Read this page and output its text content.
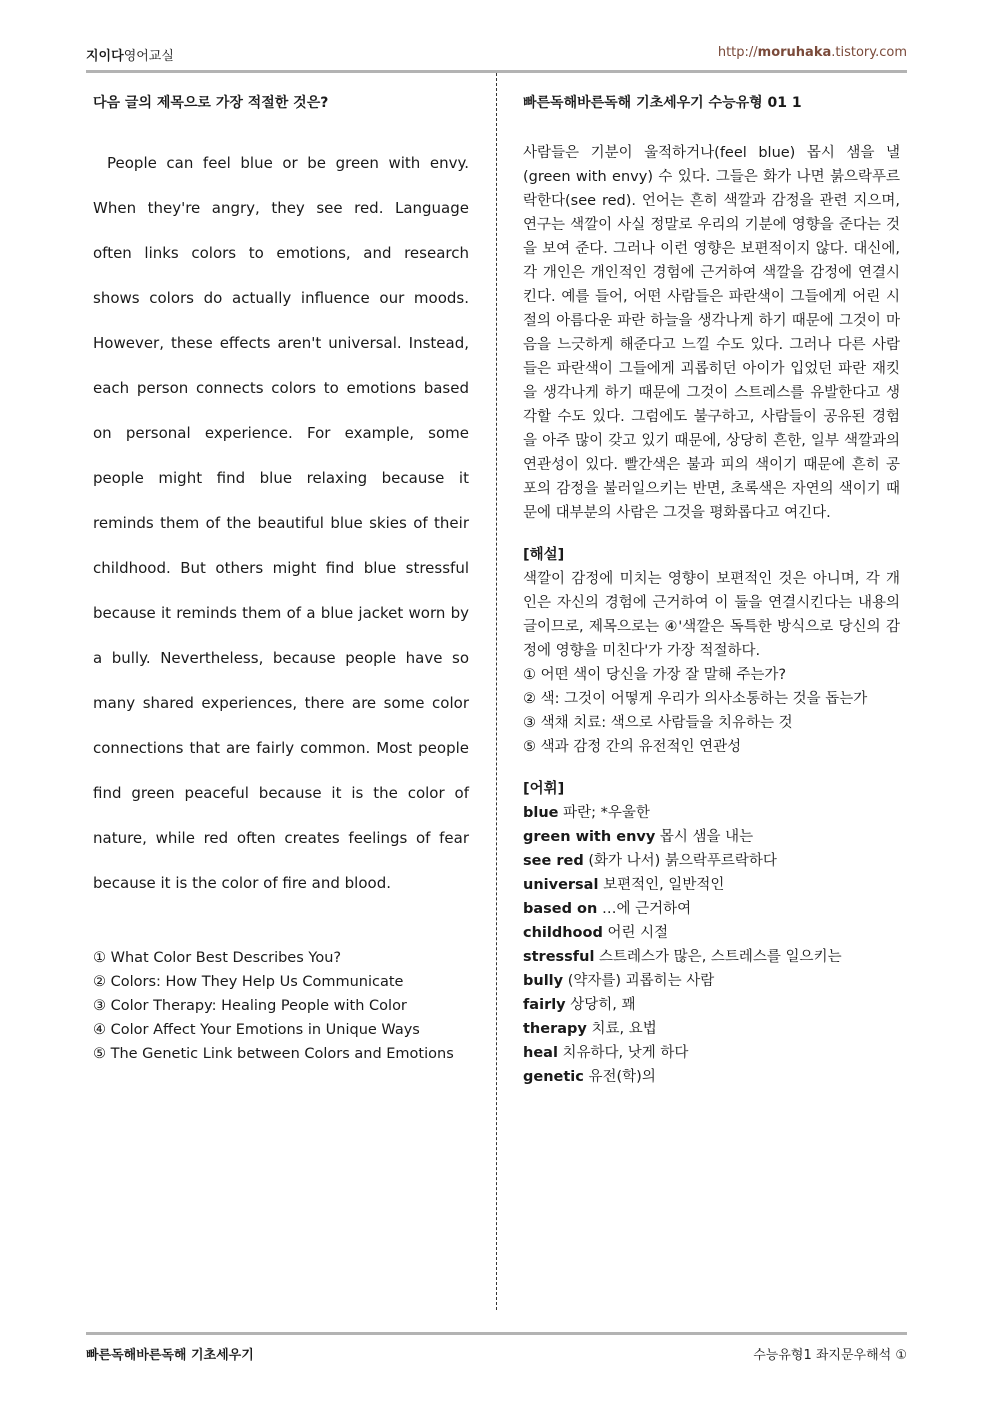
지이다영어교실	http://moruhaka.tistory.com

다음 글의 제목으로 가장 적절한 것은?

People can feel blue or be green with envy. When they're angry, they see red. Language often links colors to emotions, and research shows colors do actually influence our moods. However, these effects aren't universal. Instead, each person connects colors to emotions based on personal experience. For example, some people might find blue relaxing because it reminds them of the beautiful blue skies of their childhood. But others might find blue stressful because it reminds them of a blue jacket worn by a bully. Nevertheless, because people have so many shared experiences, there are some color connections that are fairly common. Most people find green peaceful because it is the color of nature, while red often creates feelings of fear because it is the color of fire and blood.
① What Color Best Describes You?
② Colors: How They Help Us Communicate
③ Color Therapy: Healing People with Color
④ Color Affect Your Emotions in Unique Ways
⑤ The Genetic Link between Colors and Emotions

빠른독해바른독해 기초세우기 수능유형 01 1

사람들은 기분이 울적하거나(feel blue) 몹시 샘을 낼(green with envy) 수 있다. 그들은 화가 나면 붉으락푸르락한다(see red). 언어는 흔히 색깔과 감정을 관련 지으며, 연구는 색깔이 사실 정말로 우리의 기분에 영향을 준다는 것을 보여 준다. 그러나 이런 영향은 보편적이지 않다. 대신에, 각 개인은 개인적인 경험에 근거하여 색깔을 감정에 연결시킨다. 예를 들어, 어떤 사람들은 파란색이 그들에게 어린 시절의 아름다운 파란 하늘을 생각나게 하기 때문에 그것이 마음을 느긋하게 해준다고 느낄 수도 있다. 그러나 다른 사람들은 파란색이 그들에게 괴롭히던 아이가 입었던 파란 재킷을 생각나게 하기 때문에 그것이 스트레스를 유발한다고 생각할 수도 있다. 그럼에도 불구하고, 사람들이 공유된 경험을 아주 많이 갖고 있기 때문에, 상당히 흔한, 일부 색깔과의 연관성이 있다. 빨간색은 불과 피의 색이기 때문에 흔히 공포의 감정을 불러일으키는 반면, 초록색은 자연의 색이기 때문에 대부분의 사람은 그것을 평화롭다고 여긴다.
[해설]
색깔이 감정에 미치는 영향이 보편적인 것은 아니며, 각 개인은 자신의 경험에 근거하여 이 둘을 연결시킨다는 내용의 글이므로, 제목으로는 ④'색깔은 독특한 방식으로 당신의 감정에 영향을 미친다'가 가장 적절하다.
① 어떤 색이 당신을 가장 잘 말해 주는가?
② 색: 그것이 어떻게 우리가 의사소통하는 것을 돕는가
③ 색채 치료: 색으로 사람들을 치유하는 것
⑤ 색과 감정 간의 유전적인 연관성
[어휘]
blue 파란; *우울한
green with envy 몹시 샘을 내는
see red (화가 나서) 붉으락푸르락하다
universal 보편적인, 일반적인
based on …에 근거하여
childhood 어린 시절
stressful 스트레스가 많은, 스트레스를 일으키는
bully (약자를) 괴롭히는 사람
fairly 상당히, 꽤
therapy 치료, 요법
heal 치유하다, 낫게 하다
genetic 유전(학)의
빠른독해바른독해 기초세우기	수능유형1 좌지문우해석 ①
